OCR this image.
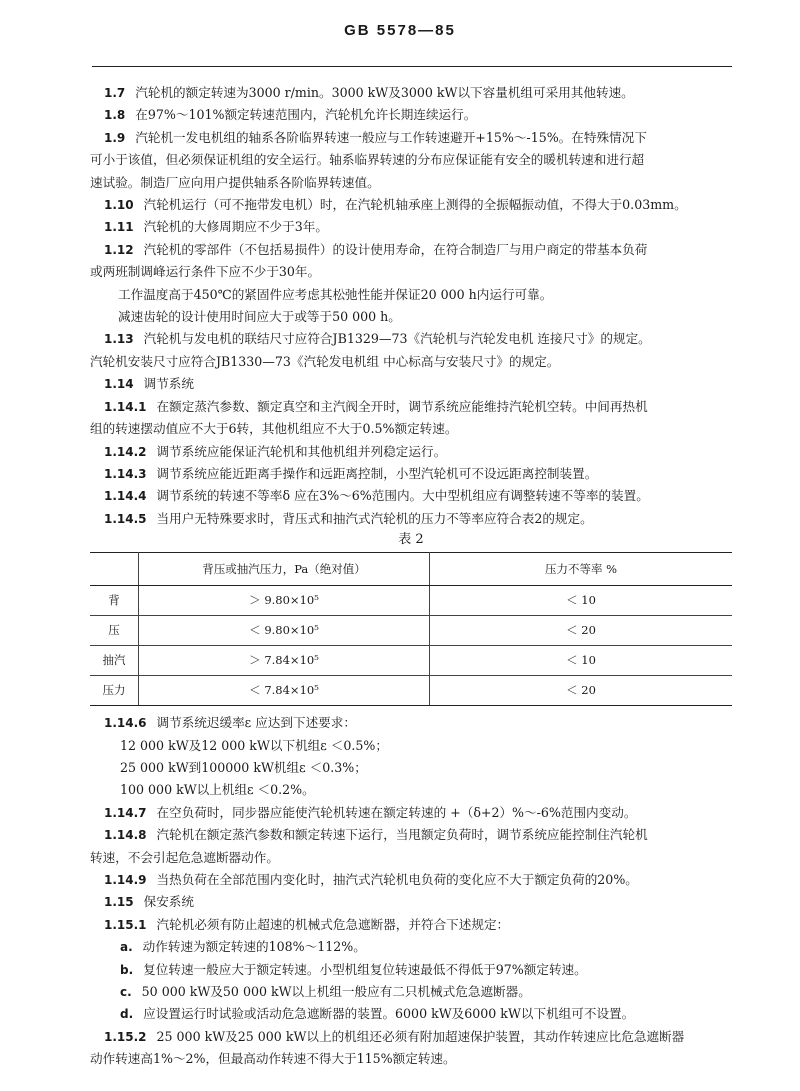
GB 5578—85

1.7 汽轮机的额定转速为3000 r/min。3000 kW及3000 kW以下容量机组可采用其他转速。

1.8 在97%～101%额定转速范围内，汽轮机允许长期连续运行。

1.9 汽轮机一发电机组的轴系各阶临界转速一般应与工作转速避开+15%～-15%。在特殊情况下

可小于该值，但必须保证机组的安全运行。轴系临界转速的分布应保证能有安全的暖机转速和进行超

速试验。制造厂应向用户提供轴系各阶临界转速值。

1.10 汽轮机运行（可不拖带发电机）时，在汽轮机轴承座上测得的全振幅振动值，不得大于0.03mm。

1.11 汽轮机的大修周期应不少于3年。

1.12 汽轮机的零部件（不包括易损件）的设计使用寿命，在符合制造厂与用户商定的带基本负荷

或两班制调峰运行条件下应不少于30年。

工作温度高于450℃的紧固件应考虑其松弛性能并保证20 000 h内运行可靠。

减速齿轮的设计使用时间应大于或等于50 000 h。

1.13 汽轮机与发电机的联结尺寸应符合JB1329—73《汽轮机与汽轮发电机 连接尺寸》的规定。

汽轮机安装尺寸应符合JB1330—73《汽轮发电机组 中心标高与安装尺寸》的规定。

1.14 调节系统

1.14.1 在额定蒸汽参数、额定真空和主汽阀全开时，调节系统应能维持汽轮机空转。中间再热机

组的转速摆动值应不大于6转，其他机组应不大于0.5%额定转速。

1.14.2 调节系统应能保证汽轮机和其他机组并列稳定运行。

1.14.3 调节系统应能近距离手操作和远距离控制，小型汽轮机可不设远距离控制装置。

1.14.4 调节系统的转速不等率δ 应在3%～6%范围内。大中型机组应有调整转速不等率的装置。

1.14.5 当用户无特殊要求时，背压式和抽汽式汽轮机的压力不等率应符合表2的规定。

表 2

	背压或抽汽压力，Pa（绝对值）	压力不等率 %
背	＞ 9.80×10⁵	＜ 10
压	＜ 9.80×10⁵	＜ 20
抽汽	＞ 7.84×10⁵	＜ 10
压力	＜ 7.84×10⁵	＜ 20

1.14.6 调节系统迟缓率ε 应达到下述要求：

12 000 kW及12 000 kW以下机组ε ＜0.5%；

25 000 kW到100000 kW机组ε ＜0.3%；

100 000 kW以上机组ε ＜0.2%。

1.14.7 在空负荷时，同步器应能使汽轮机转速在额定转速的 +（δ+2）%～-6%范围内变动。

1.14.8 汽轮机在额定蒸汽参数和额定转速下运行，当甩额定负荷时，调节系统应能控制住汽轮机

转速，不会引起危急遮断器动作。

1.14.9 当热负荷在全部范围内变化时，抽汽式汽轮机电负荷的变化应不大于额定负荷的20%。

1.15 保安系统

1.15.1 汽轮机必须有防止超速的机械式危急遮断器，并符合下述规定：

a. 动作转速为额定转速的108%～112%。

b. 复位转速一般应大于额定转速。小型机组复位转速最低不得低于97%额定转速。

c. 50 000 kW及50 000 kW以上机组一般应有二只机械式危急遮断器。

d. 应设置运行时试验或活动危急遮断器的装置。6000 kW及6000 kW以下机组可不设置。

1.15.2 25 000 kW及25 000 kW以上的机组还必须有附加超速保护装置，其动作转速应比危急遮断器

动作转速高1%～2%，但最高动作转速不得大于115%额定转速。
